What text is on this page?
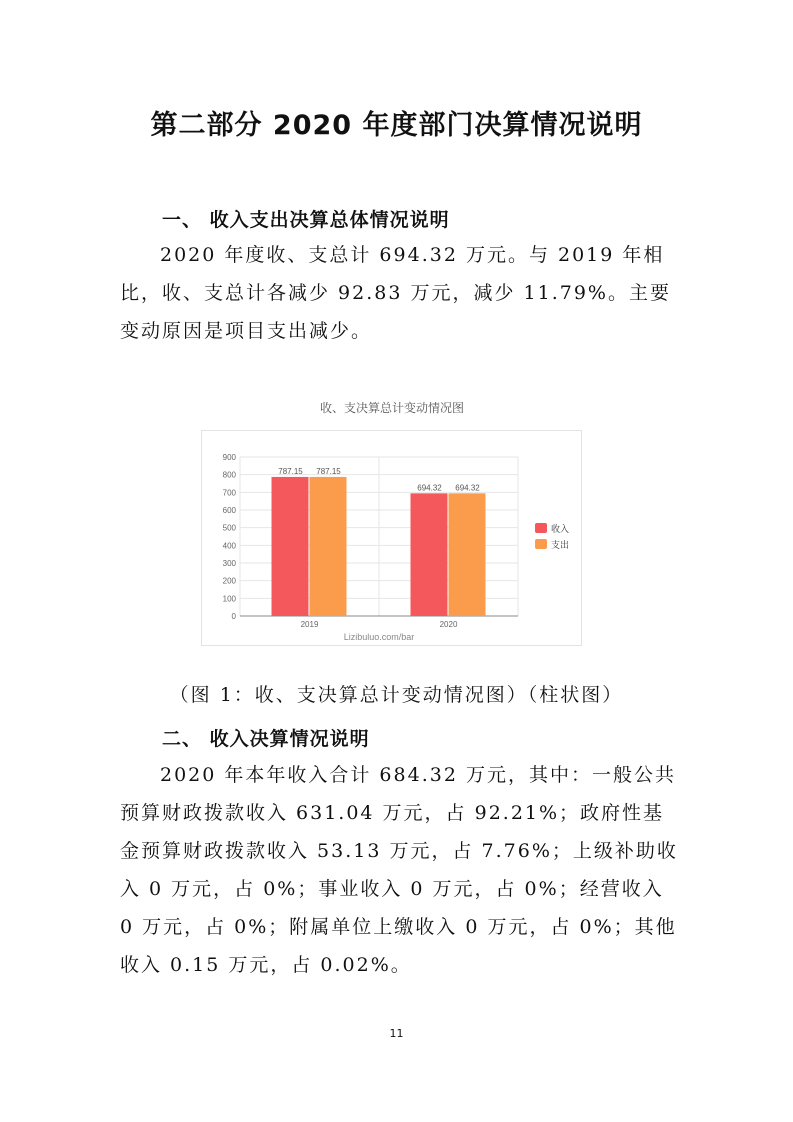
第二部分 2020 年度部门决算情况说明
一、 收入支出决算总体情况说明

2020 年度收、支总计 694.32 万元。与 2019 年相比，收、支总计各减少 92.83 万元，减少 11.79%。主要变动原因是项目支出减少。

收、支决算总计变动情况图
0
100
200
300
400
500
600
700
800
900
787.15 787.15
2019
694.32 694.32
2020
收入
支出
Lizibuluo.com/bar
（图 1：收、支决算总计变动情况图）（柱状图）
二、 收入决算情况说明

2020 年本年收入合计 684.32 万元，其中：一般公共预算财政拨款收入 631.04 万元，占 92.21%；政府性基金预算财政拨款收入 53.13 万元，占 7.76%；上级补助收入 0 万元，占 0%；事业收入 0 万元，占 0%；经营收入 0 万元，占 0%；附属单位上缴收入 0 万元，占 0%；其他收入 0.15 万元，占 0.02%。

11
